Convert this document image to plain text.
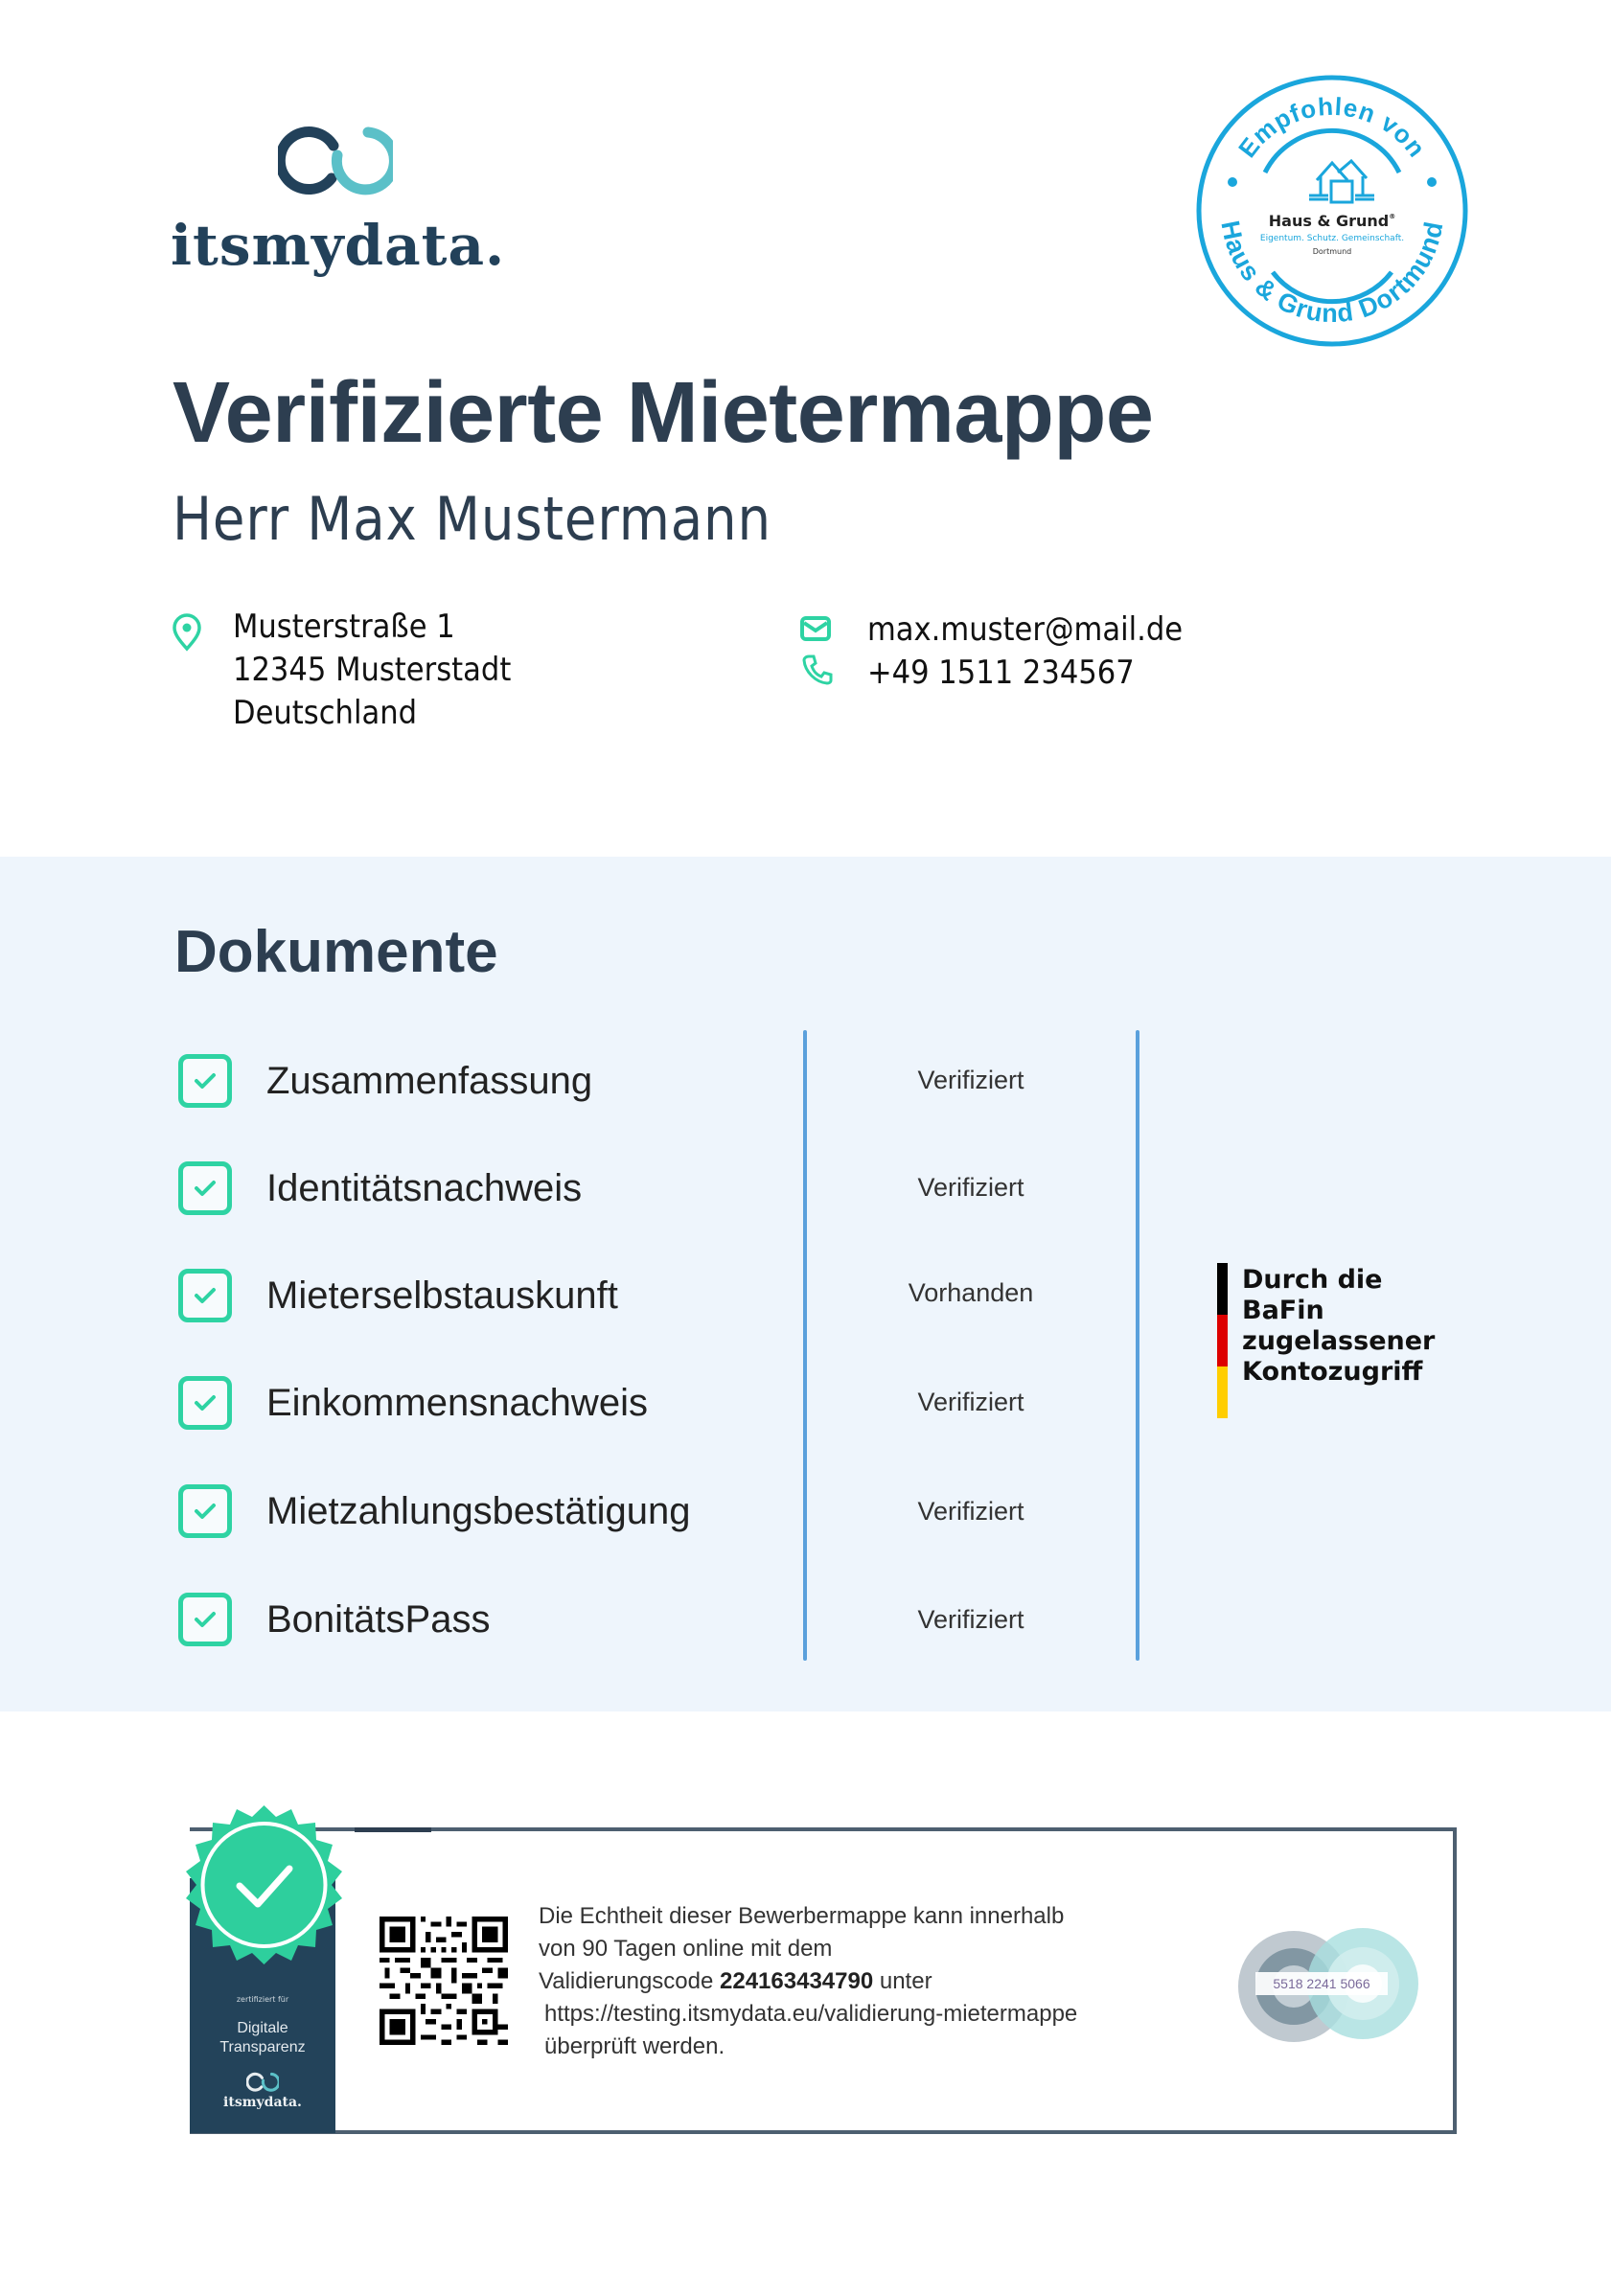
itsmydata.
Empfohlen von
Haus & Grund Dortmund
Haus & Grund®
Eigentum. Schutz. Gemeinschaft.
Dortmund
Verifizierte Mietermappe
Herr Max Mustermann
Musterstraße 1
12345 Musterstadt
Deutschland
max.muster@mail.de
+49 1511 234567
Dokumente
Zusammenfassung	Verifiziert
Identitätsnachweis	Verifiziert
Mieterselbstauskunft	Vorhanden
Einkommensnachweis	Verifiziert
Mietzahlungsbestätigung	Verifiziert
BonitätsPass	Verifiziert
Durch die
BaFin
zugelassener
Kontozugriff
zertifiziert für
Digitale
Transparenz
itsmydata.
Die Echtheit dieser Bewerbermappe kann innerhalb
von 90 Tagen online mit dem
Validierungscode 224163434790 unter
https://testing.itsmydata.eu/validierung-mietermappe
überprüft werden.
5518 2241 5066
